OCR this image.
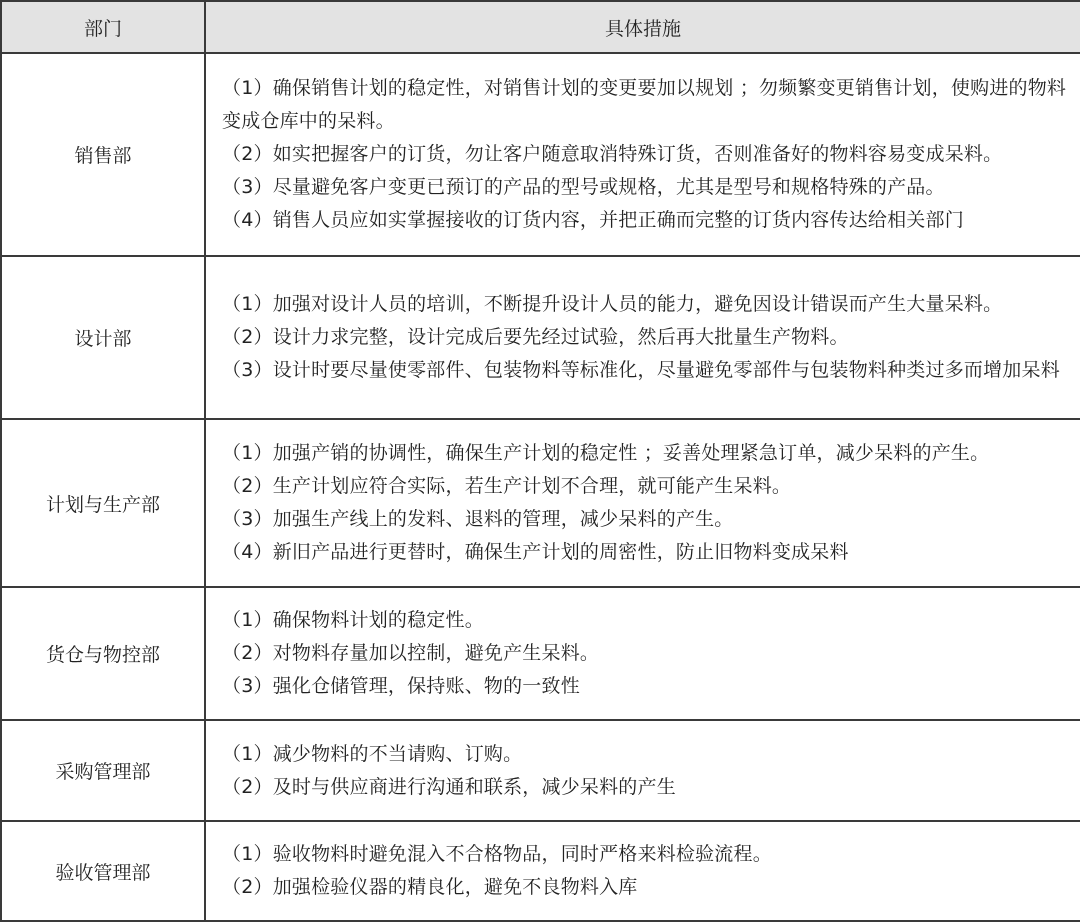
部门	具体措施
销售部	（1）确保销售计划的稳定性，对销售计划的变更要加以规划 ；勿频繁变更销售计划，使购进的物料变成仓库中的呆料。
（2）如实把握客户的订货，勿让客户随意取消特殊订货，否则准备好的物料容易变成呆料。
（3）尽量避免客户变更已预订的产品的型号或规格，尤其是型号和规格特殊的产品。
（4）销售人员应如实掌握接收的订货内容，并把正确而完整的订货内容传达给相关部门

设计部	（1）加强对设计人员的培训，不断提升设计人员的能力，避免因设计错误而产生大量呆料。
（2）设计力求完整，设计完成后要先经过试验，然后再大批量生产物料。
（3）设计时要尽量使零部件、包装物料等标准化，尽量避免零部件与包装物料种类过多而增加呆料

计划与生产部	（1）加强产销的协调性，确保生产计划的稳定性 ；妥善处理紧急订单，减少呆料的产生。
（2）生产计划应符合实际，若生产计划不合理，就可能产生呆料。
（3）加强生产线上的发料、退料的管理，减少呆料的产生。
（4）新旧产品进行更替时，确保生产计划的周密性，防止旧物料变成呆料

货仓与物控部	（1）确保物料计划的稳定性。
（2）对物料存量加以控制，避免产生呆料。
（3）强化仓储管理，保持账、物的一致性

采购管理部	（1）减少物料的不当请购、订购。
（2）及时与供应商进行沟通和联系，减少呆料的产生

验收管理部	（1）验收物料时避免混入不合格物品，同时严格来料检验流程。
（2）加强检验仪器的精良化，避免不良物料入库
